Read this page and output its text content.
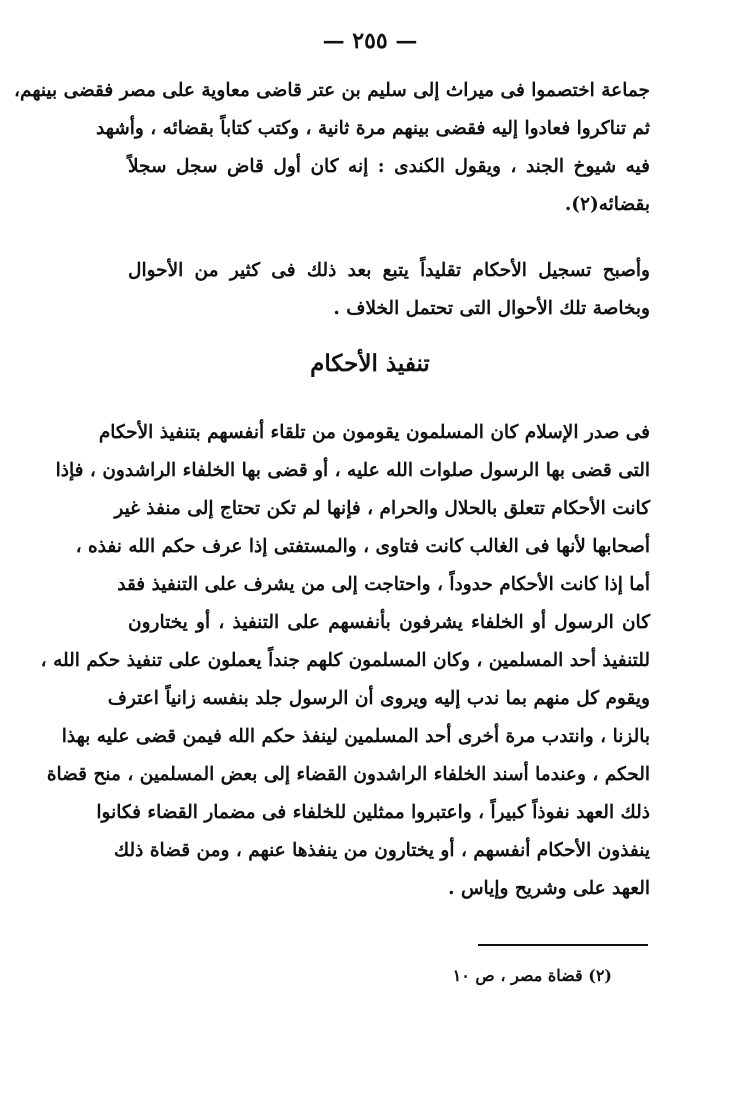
— ٢٥٥ —
جماعة اختصموا فى ميراث إلى سليم بن عتر قاضى معاوية على مصر فقضى بينهم،
ثم تناكروا فعادوا إليه فقضى بينهم مرة ثانية ، وكتب كتاباً بقضائه ، وأشهد
فيه شيوخ الجند ، ويقول الكندى : إنه كان أول قاض سجل سجلاً
بقضائه(٢).
وأصبح تسجيل الأحكام تقليداً يتبع بعد ذلك فى كثير من الأحوال
وبخاصة تلك الأحوال التى تحتمل الخلاف .
تنفيذ الأحكام
فى صدر الإسلام كان المسلمون يقومون من تلقاء أنفسهم بتنفيذ الأحكام
التى قضى بها الرسول صلوات الله عليه ، أو قضى بها الخلفاء الراشدون ، فإذا
كانت الأحكام تتعلق بالحلال والحرام ، فإنها لم تكن تحتاج إلى منفذ غير
أصحابها لأنها فى الغالب كانت فتاوى ، والمستفتى إذا عرف حكم الله نفذه ،
أما إذا كانت الأحكام حدوداً ، واحتاجت إلى من يشرف على التنفيذ فقد
كان الرسول أو الخلفاء يشرفون بأنفسهم على التنفيذ ، أو يختارون
للتنفيذ أحد المسلمين ، وكان المسلمون كلهم جنداً يعملون على تنفيذ حكم الله ،
ويقوم كل منهم بما ندب إليه ويروى أن الرسول جلد بنفسه زانياً اعترف
بالزنا ، وانتدب مرة أخرى أحد المسلمين لينفذ حكم الله فيمن قضى عليه بهذا
الحكم ، وعندما أسند الخلفاء الراشدون القضاء إلى بعض المسلمين ، منح قضاة
ذلك العهد نفوذاً كبيراً ، واعتبروا ممثلين للخلفاء فى مضمار القضاء فكانوا
ينفذون الأحكام أنفسهم ، أو يختارون من ينفذها عنهم ، ومن قضاة ذلك
العهد على وشريح وإياس .
(٢) قضاة مصر ، ص ١٠
